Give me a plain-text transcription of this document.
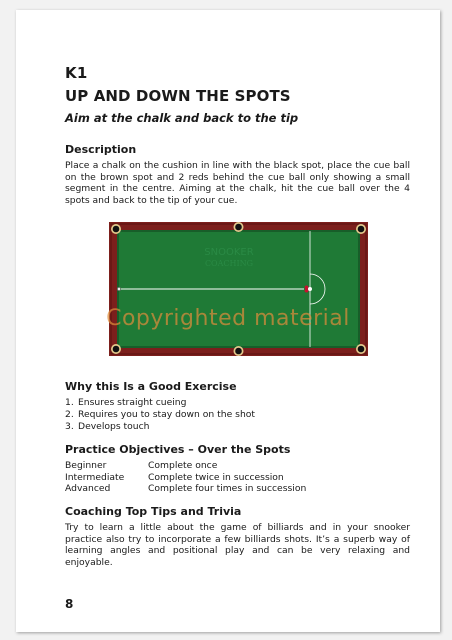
K1
UP AND DOWN THE SPOTS
Aim at the chalk and back to the tip
Description

Place a chalk on the cushion in line with the black spot, place the cue ball on the brown spot and 2 reds behind the cue ball only showing a small segment in the centre. Aiming at the chalk, hit the cue ball over the 4 spots and back to the tip of your cue.

SNOOKER
COACHING
Why this Is a Good Exercise
1. Ensures straight cueing
2. Requires you to stay down on the shot
3. Develops touch
Practice Objectives – Over the Spots
Beginner	Complete once
Intermediate	Complete twice in succession
Advanced	Complete four times in succession
Coaching Top Tips and Trivia

Try to learn a little about the game of billiards and in your snooker practice also try to incorporate a few billiards shots. It’s a superb way of learning angles and positional play and can be very relaxing and enjoyable.

Copyrighted material
8
